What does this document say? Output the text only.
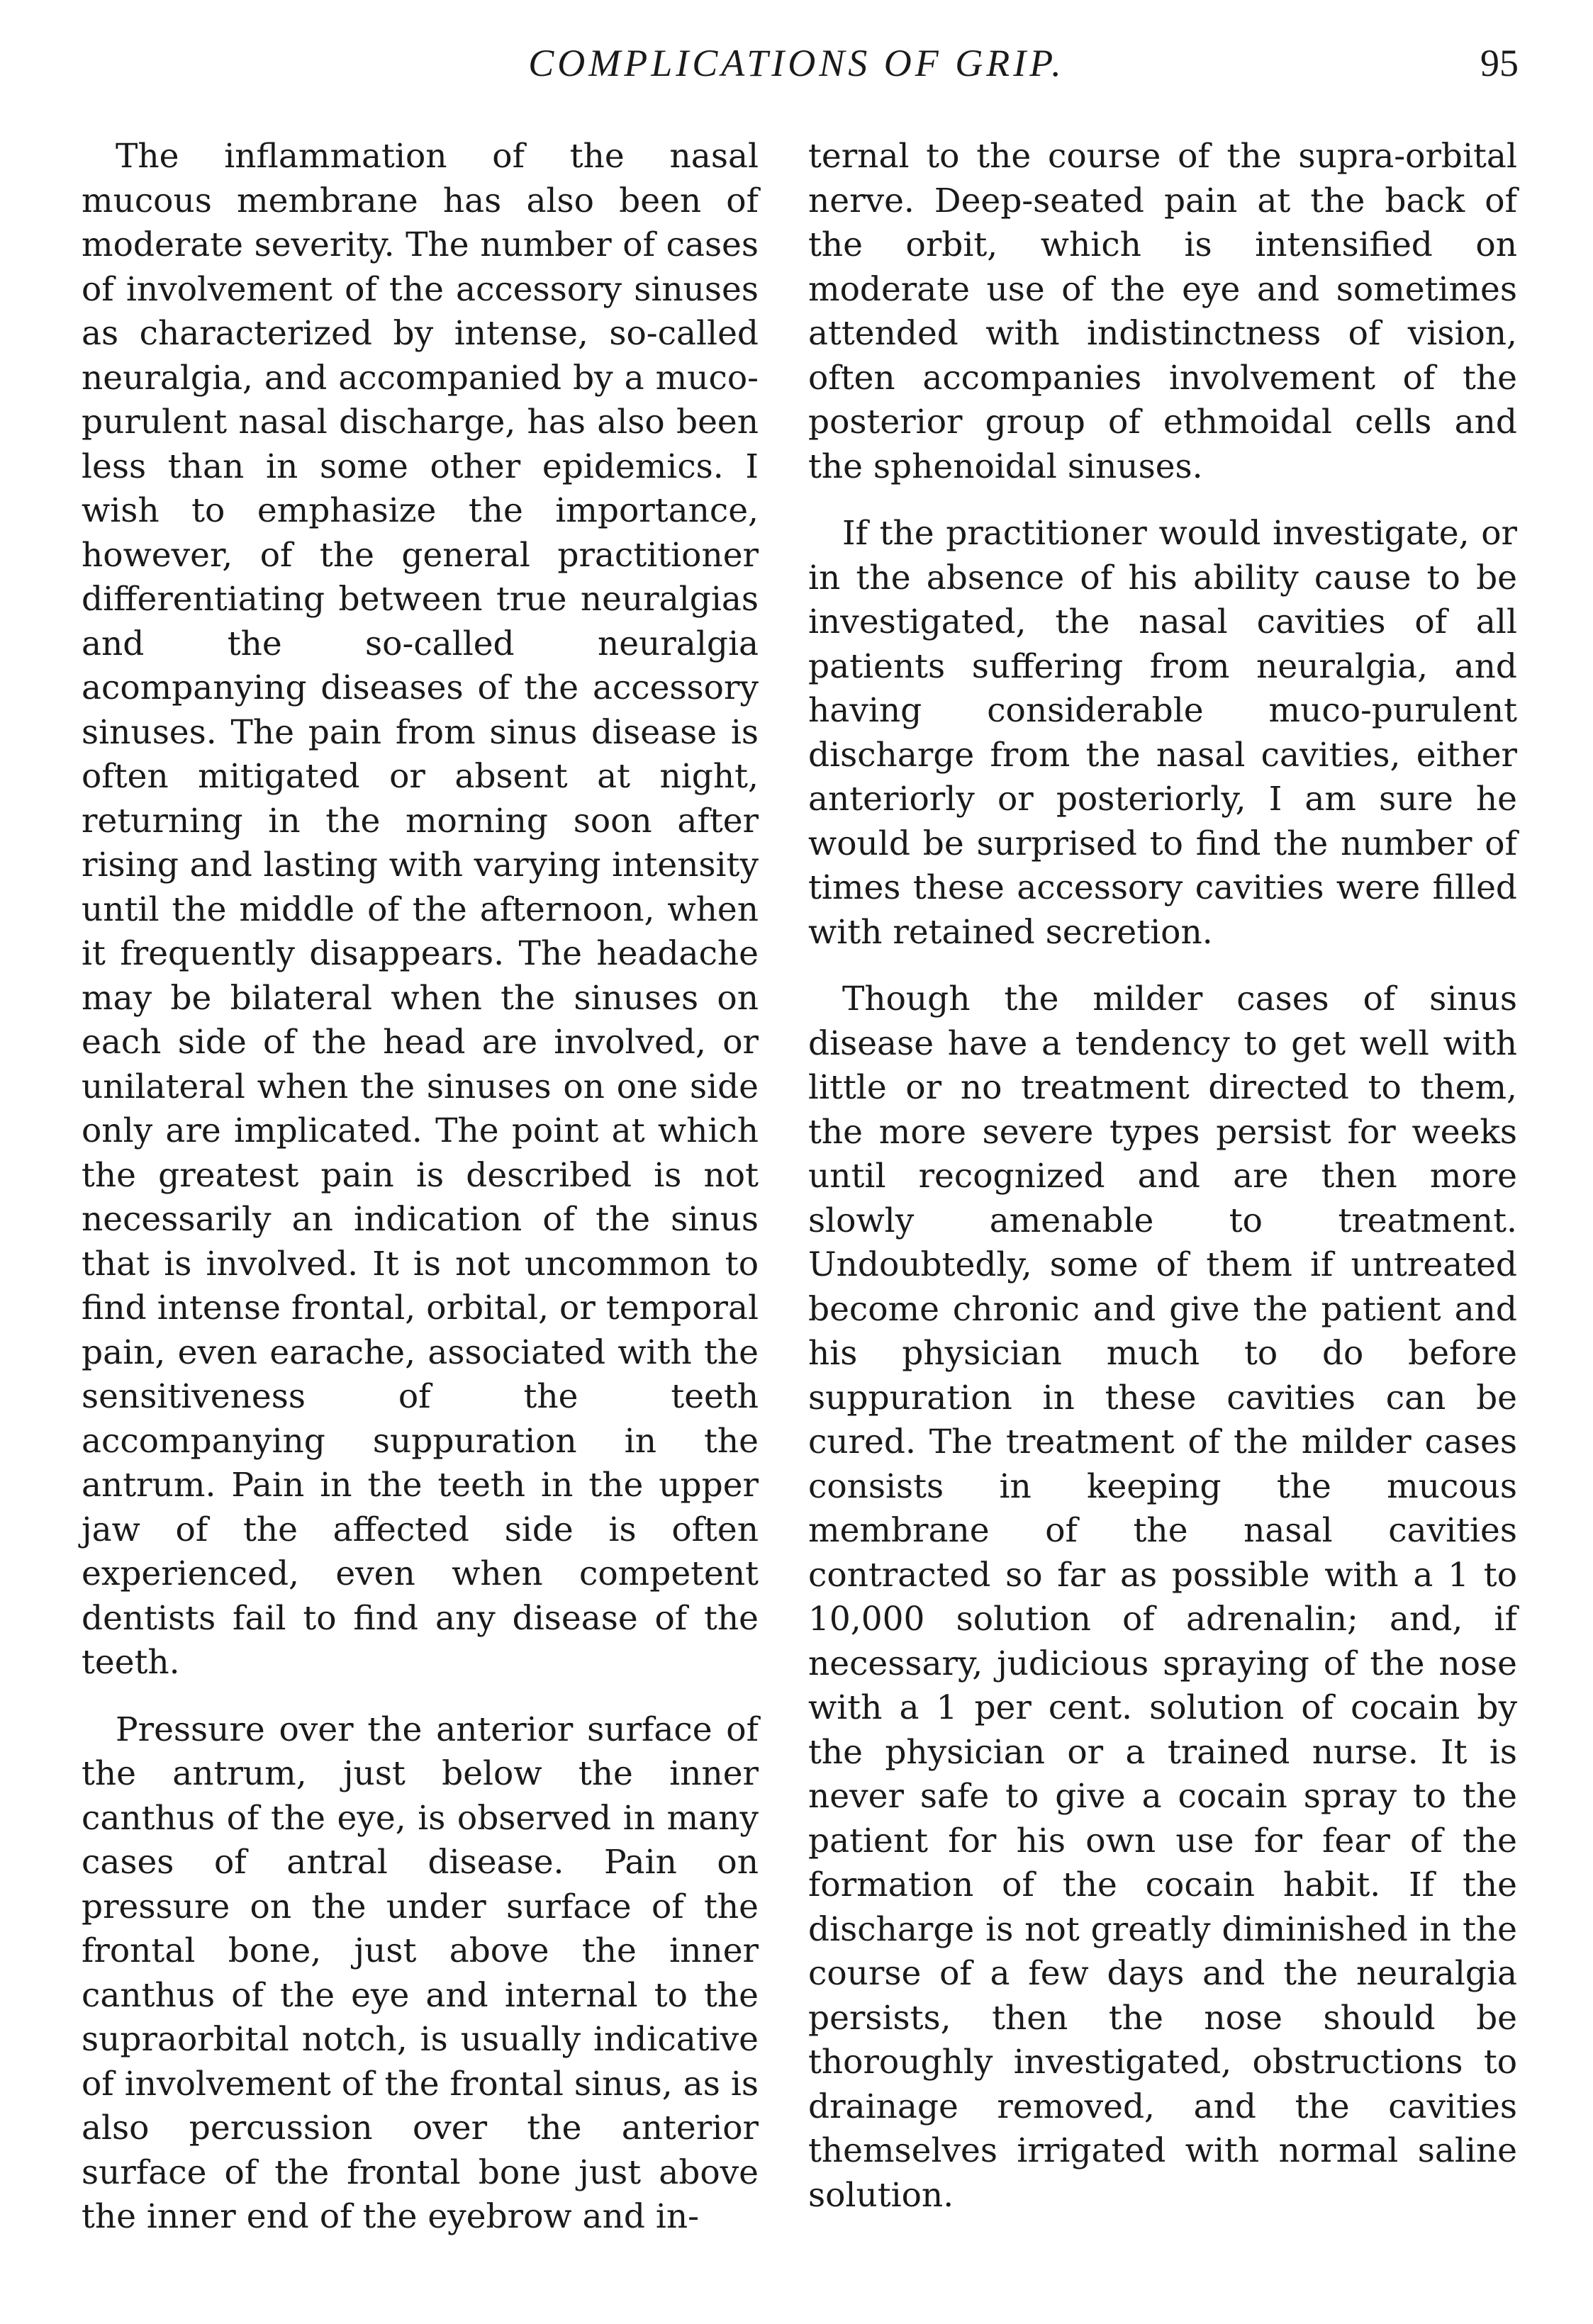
COMPLICATIONS OF GRIP.	95

The inflammation of the nasal mucous membrane has also been of moderate severity. The number of cases of involvement of the accessory sinuses as characterized by intense, so-called neuralgia, and accompanied by a muco-purulent nasal discharge, has also been less than in some other epidemics. I wish to emphasize the importance, however, of the general practitioner differentiating between true neuralgias and the so-called neuralgia acompanying diseases of the accessory sinuses. The pain from sinus disease is often mitigated or absent at night, returning in the morning soon after rising and lasting with varying intensity until the middle of the afternoon, when it frequently disappears. The headache may be bilateral when the sinuses on each side of the head are involved, or unilateral when the sinuses on one side only are implicated. The point at which the greatest pain is described is not necessarily an indication of the sinus that is involved. It is not uncommon to find intense frontal, orbital, or temporal pain, even earache, associated with the sensitiveness of the teeth accompanying suppuration in the antrum. Pain in the teeth in the upper jaw of the affected side is often experienced, even when competent dentists fail to find any disease of the teeth.

Pressure over the anterior surface of the antrum, just below the inner canthus of the eye, is observed in many cases of antral disease. Pain on pressure on the under surface of the frontal bone, just above the inner canthus of the eye and internal to the supraorbital notch, is usually indicative of involvement of the frontal sinus, as is also percussion over the anterior surface of the frontal bone just above the inner end of the eyebrow and in-

ternal to the course of the supra-orbital nerve. Deep-seated pain at the back of the orbit, which is intensified on moderate use of the eye and sometimes attended with indistinctness of vision, often accompanies involvement of the posterior group of ethmoidal cells and the sphenoidal sinuses.

If the practitioner would investigate, or in the absence of his ability cause to be investigated, the nasal cavities of all patients suffering from neuralgia, and having considerable muco-purulent discharge from the nasal cavities, either anteriorly or posteriorly, I am sure he would be surprised to find the number of times these accessory cavities were filled with retained secretion.

Though the milder cases of sinus disease have a tendency to get well with little or no treatment directed to them, the more severe types persist for weeks until recognized and are then more slowly amenable to treatment. Undoubtedly, some of them if untreated become chronic and give the patient and his physician much to do before suppuration in these cavities can be cured. The treatment of the milder cases consists in keeping the mucous membrane of the nasal cavities contracted so far as possible with a 1 to 10,000 solution of adrenalin; and, if necessary, judicious spraying of the nose with a 1 per cent. solution of cocain by the physician or a trained nurse. It is never safe to give a cocain spray to the patient for his own use for fear of the formation of the cocain habit. If the discharge is not greatly diminished in the course of a few days and the neuralgia persists, then the nose should be thoroughly investigated, obstructions to drainage removed, and the cavities themselves irrigated with normal saline solution.
